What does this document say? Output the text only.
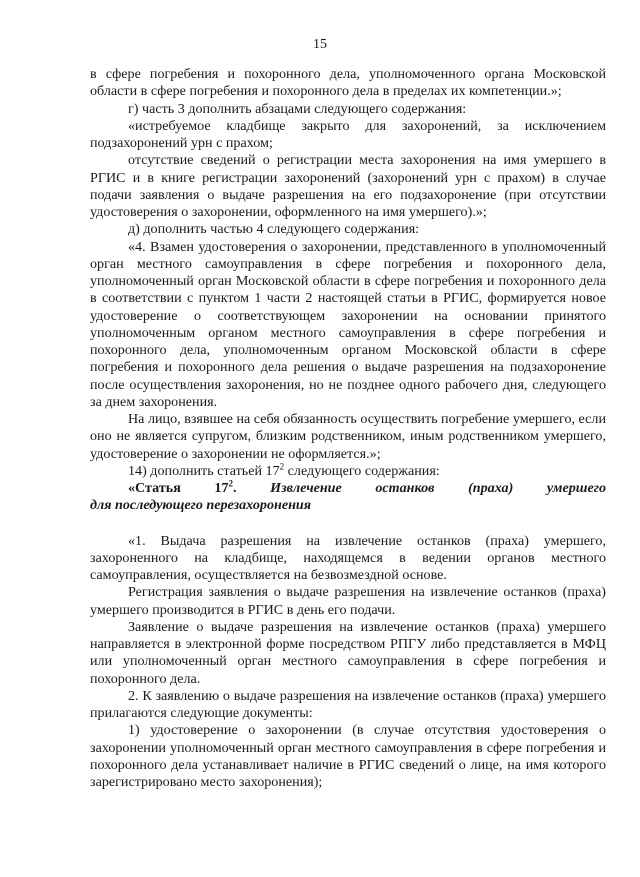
15

в сфере погребения и похоронного дела, уполномоченного органа Московской области в сфере погребения и похоронного дела в пределах их компетенции.»;

г) часть 3 дополнить абзацами следующего содержания:

«истребуемое кладбище закрыто для захоронений, за исключением подзахоронений урн с прахом;

отсутствие сведений о регистрации места захоронения на имя умершего в РГИС и в книге регистрации захоронений (захоронений урн с прахом) в случае подачи заявления о выдаче разрешения на его подзахоронение (при отсутствии удостоверения о захоронении, оформленного на имя умершего).»;

д) дополнить частью 4 следующего содержания:

«4. Взамен удостоверения о захоронении, представленного в уполномоченный орган местного самоуправления в сфере погребения и похоронного дела, уполномоченный орган Московской области в сфере погребения и похоронного дела в соответствии с пунктом 1 части 2 настоящей статьи в РГИС, формируется новое удостоверение о соответствующем захоронении на основании принятого уполномоченным органом местного самоуправления в сфере погребения и похоронного дела, уполномоченным органом Московской области в сфере погребения и похоронного дела решения о выдаче разрешения на подзахоронение после осуществления захоронения, но не позднее одного рабочего дня, следующего за днем захоронения.

На лицо, взявшее на себя обязанность осуществить погребение умершего, если оно не является супругом, близким родственником, иным родственником умершего, удостоверение о захоронении не оформляется.»;

14) дополнить статьей $17^2$ следующего содержания:

«Статья $17^2$. Извлечение останков (праха) умершего
для последующего перезахоронения

«1. Выдача разрешения на извлечение останков (праха) умершего, захороненного на кладбище, находящемся в ведении органов местного самоуправления, осуществляется на безвозмездной основе.

Регистрация заявления о выдаче разрешения на извлечение останков (праха) умершего производится в РГИС в день его подачи.

Заявление о выдаче разрешения на извлечение останков (праха) умершего направляется в электронной форме посредством РПГУ либо представляется в МФЦ или уполномоченный орган местного самоуправления в сфере погребения и похоронного дела.

2. К заявлению о выдаче разрешения на извлечение останков (праха) умершего прилагаются следующие документы:

1) удостоверение о захоронении (в случае отсутствия удостоверения о захоронении уполномоченный орган местного самоуправления в сфере погребения и похоронного дела устанавливает наличие в РГИС сведений о лице, на имя которого зарегистрировано место захоронения);
